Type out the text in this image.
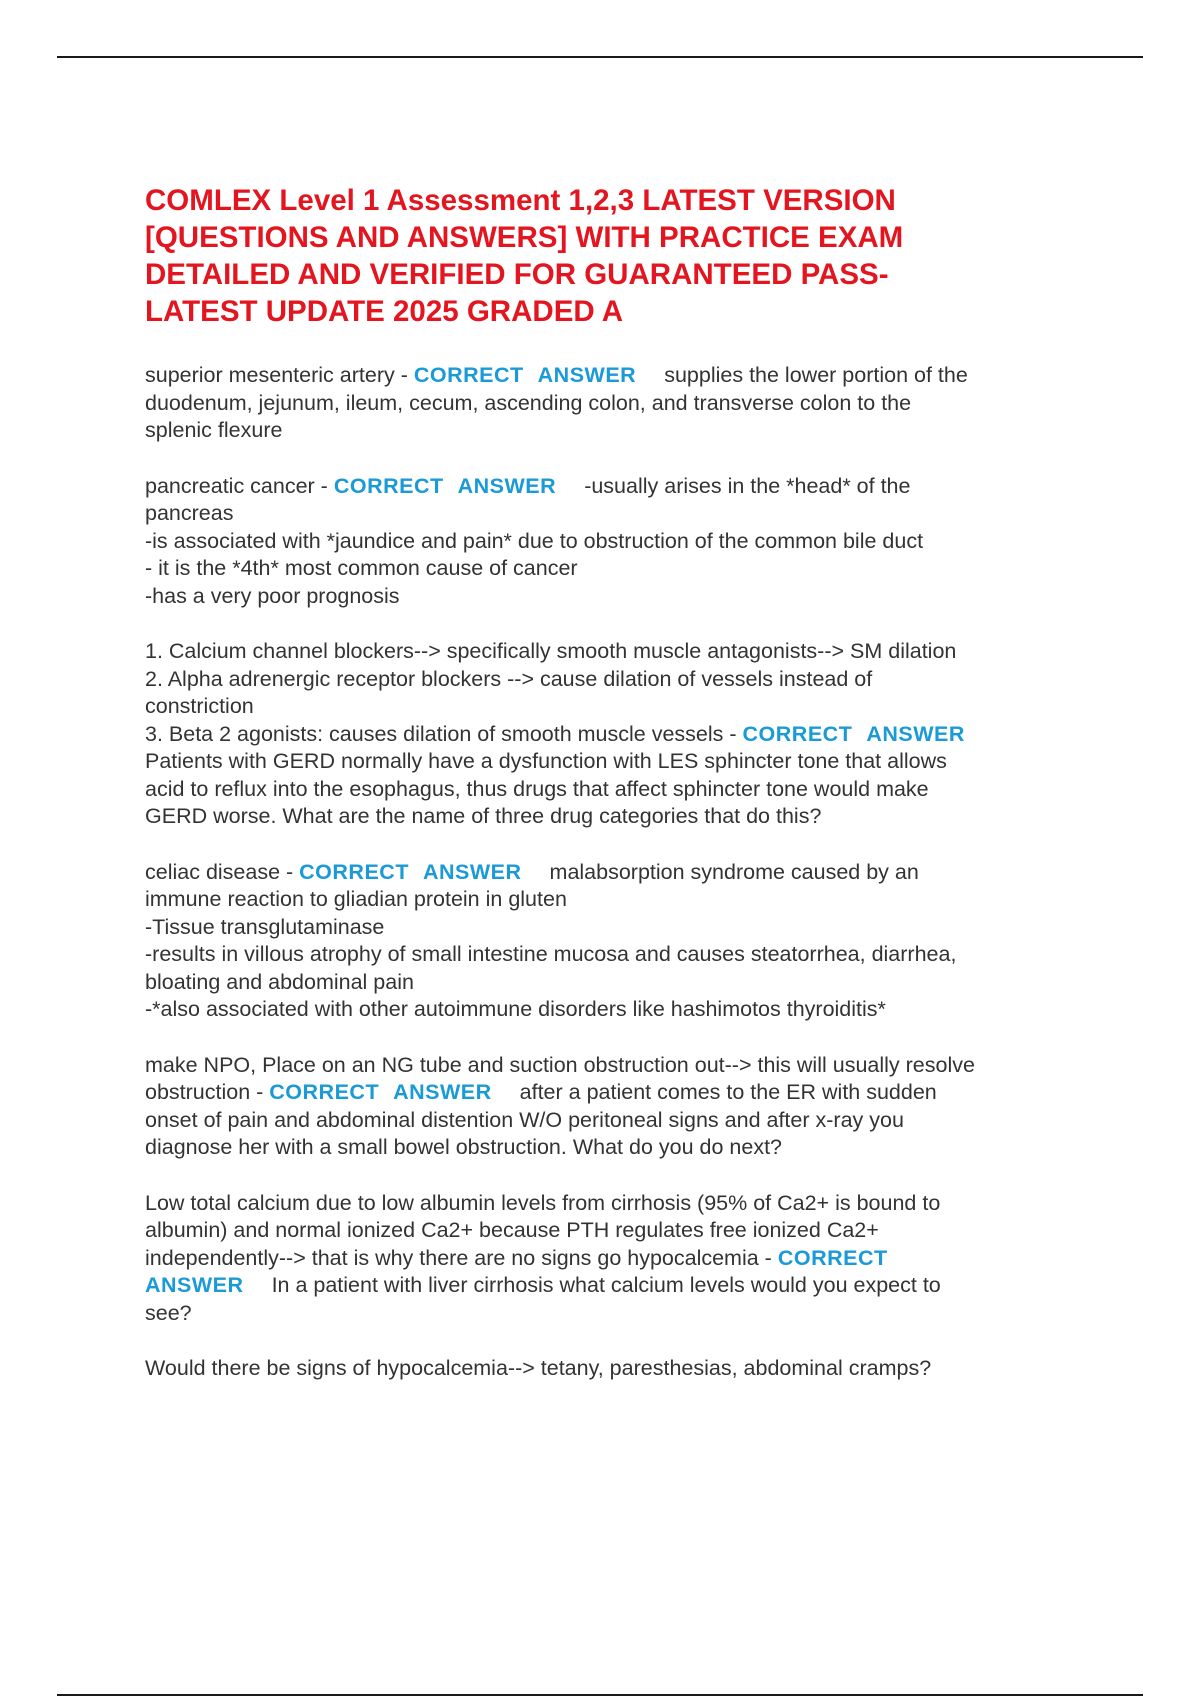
COMLEX Level 1 Assessment 1,2,3 LATEST VERSION
[QUESTIONS AND ANSWERS] WITH PRACTICE EXAM
DETAILED AND VERIFIED FOR GUARANTEED PASS-
LATEST UPDATE 2025 GRADED A
superior mesenteric artery - CORRECT ANSWER supplies the lower portion of the
duodenum, jejunum, ileum, cecum, ascending colon, and transverse colon to the
splenic flexure
pancreatic cancer - CORRECT ANSWER -usually arises in the *head* of the
pancreas
-is associated with *jaundice and pain* due to obstruction of the common bile duct
- it is the *4th* most common cause of cancer
-has a very poor prognosis
1. Calcium channel blockers--> specifically smooth muscle antagonists--> SM dilation
2. Alpha adrenergic receptor blockers --> cause dilation of vessels instead of
constriction
3. Beta 2 agonists: causes dilation of smooth muscle vessels - CORRECT ANSWER
Patients with GERD normally have a dysfunction with LES sphincter tone that allows
acid to reflux into the esophagus, thus drugs that affect sphincter tone would make
GERD worse. What are the name of three drug categories that do this?
celiac disease - CORRECT ANSWER malabsorption syndrome caused by an
immune reaction to gliadian protein in gluten
-Tissue transglutaminase
-results in villous atrophy of small intestine mucosa and causes steatorrhea, diarrhea,
bloating and abdominal pain
-*also associated with other autoimmune disorders like hashimotos thyroiditis*
make NPO, Place on an NG tube and suction obstruction out--> this will usually resolve
obstruction - CORRECT ANSWER after a patient comes to the ER with sudden
onset of pain and abdominal distention W/O peritoneal signs and after x-ray you
diagnose her with a small bowel obstruction. What do you do next?
Low total calcium due to low albumin levels from cirrhosis (95% of Ca2+ is bound to
albumin) and normal ionized Ca2+ because PTH regulates free ionized Ca2+
independently--> that is why there are no signs go hypocalcemia - CORRECT
ANSWER In a patient with liver cirrhosis what calcium levels would you expect to
see?
Would there be signs of hypocalcemia--> tetany, paresthesias, abdominal cramps?
